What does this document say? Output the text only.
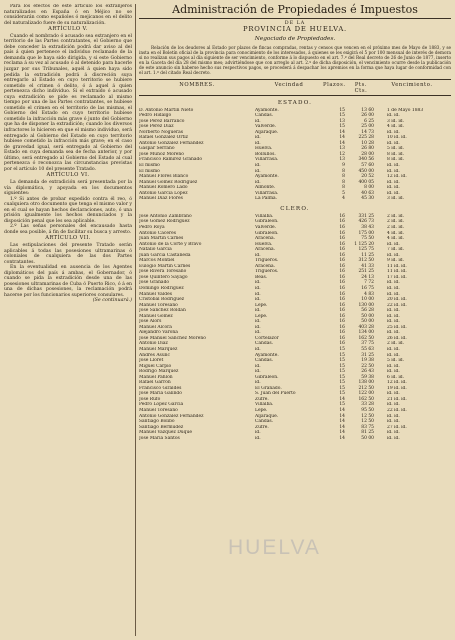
Para los efectos de este artículo los extranjeros naturalizados en España ó en Méjico no se considerarán como españoles ó mejicanos en el delito del naturalizado fuere de su naturalización.

ARTÍCULO V.

Cuando el nombrado ó acusado sea extranjero en el territorio de las Partes contratantes, el Gobierno que debe conceder la extradición podrá dar aviso al del país á quien pertenece el individuo reclamado de la demanda que le haya sido dirigida, y si este Gobierno reclama á su vez al acusado ó al detenido para hacerle juzgar por sus Tribunales, aquél á quien haya sido pedida la extradición podrá á discreción suya entregarlo al Estado en cuyo territorio se hubiere cometido el crimen ó delito, ó á aquel á quien pertenezca dicho individuo. Si el extraído ó acusado cuya extradición se pide es reclamado al mismo tiempo por una de las Partes contratantes, se hubiese cometido el crimen en el territorio de las mismas, el Gobierno del Estado en cuyo territorio hubiese cometido la infracción más grave ó junto del Gobierno que ha de disponer la extradición; cuando los diversos infractores lo hicieren en que el mismo individuo, será entregado al Gobierno del Estado en cuyo territorio hubiese cometido la infracción más grave; en el caso de gravedad igual, será entregado al Gobierno del Estado en cuya demanda sea de fecha anterior, y por último, será entregado al Gobierno del Estado al cual pertenezca ó reconozca las circunstancias previstas por el artículo 10 del presente Tratado.

ARTÍCULO VI.

La demanda de extradición será presentada por la vía diplomática, y apoyada en los documentos siguientes:

1.º Si antes de probar expedido contra él reo, ó cualquiera otro documento que tenga el mismo valor y en el cual se hayan hechos declaraciones, auto, ó una prisión igualmente los hechos denunciados y la disposición penal que les sea aplicable.

2.º Las señas personales del encausado hasta donde sea posible, á fin de facilitar su busca y arresto.

ARTÍCULO VII.

Las estipulaciones del presente Tratado serán aplicables á todas las posesiones ultramarinas ó coloniales de cualquiera de las dos Partes contratantes.

En la eventualidad en ausencia de los Agentes diplomáticos del país á ambas, el Gobernador, ó cuando se pida la extradición desde una de las posesiones ultramarinas de Cuba ó Puerto Rico, ó á en una de dichas posesiones, la reclamación podrá hacerse por los funcionarios superiores consulares.

(Se continuará.)

Administración de Propiedades é Impuestos
DE LA
PROVINCIA DE HUELVA.
Negociado de Propiedades.

Relación de los deudores al Estado por plazos de fincas compradas, rentas y censos que vencen en el próximo mes de Mayo de 1883, y se insta en el Boletín oficial de la provincia para conocimiento de los interesados, á quienes se les exigirá el 5 por 100 mensual de interés de demora si no realizan sus pagos al día siguiente de ser vencimiento, conforme á lo dispuesto en el art. 7.º del Real decreto de 26 de Junio de 1877, inserto en la Gaceta del día 28 del mismo mes; advirtiéndose que con arreglo al art. 2.º de dicha disposición, el vencimiento ocurre desde la publicación de este anuncio sin haberse hecho sus respectivos pagos, se procederá á despachar los apremios en la forma que haya lugar de conformidad con el art. 1.º del citado Real decreto.

NOMBRES.	Vecindad	Plazos.	Pts. Cts.
Vencimiento.
ESTADO.
D. Antonio Martín Nieto	Ayamonte.	15	13 60	1 de Mayo 1883
Pedro Hidalgo	Cañdas.	15	26 00	id. id.
José Pérez Barranco	id.	13	6 25	3 id. id.
José Pérez Díaz	Valverde.	15	25 00	4 id. id.
Norberto Nogueras	Aljaraque.	14	14 73	id. id.
Rafael González Ortiz	id.	14	225 28	10 id. id.
Antonio González Fernández	id.	14	10 28	id. id.
Gaspar Serrano	Huelva.	13	26 80	5 id. id.
José Muñoz Moreno	Bollullos.	12	28 00	8 id. id.
Francisco Ramírez Granado	Villarrasa.	13	340 56	8 id. id.
El mismo	id.	9	57 60	id. id.
El mismo	id.	8	450 00	id. id.
Manuel Flores Blanco	Ayamonte.	8	20 52	12 id. id.
Manuel Gómez Rodríguez	id.	8	400 05	id. id.
Manuel Romero Lado	Almonte.	8	8 00	id. id.
Antonio García López	Villarrasa.	5	40 63	id. id.
Manuel Díaz Flores	La Palma.	4	45 30	3 id. id.
CLERO.
José Antonio Zambrano	Villalba.	16	331 25	2 id. id.
José Gómez Rodríguez	Gibraleon.	16	426 73	2 id. id.
Pedro Roya	Valverde.	16	38 43	2 id. id.
Antonio Cáceres	Gibraleon.	16	175 00	4 id. id.
Juan Martín Carnes	Aracena.	16	75 50	4 id. id.
Antonio de la Corte y Bravo	Huelva.	16	1 125 20	id. id.
Natalio García	Aracena.	16	125 75	7 id. id.
Juan García Castañeda	id.	16	11 25	id. id.
Marcos Montiel	Trigueros.	16	312 50	9 id. id.
Eulogio Martín Carnes	Aracena.	16	41 33	11 id. id.
José Rivera Toresano	Trigueros.	16	251 25	11 id. id.
José Quintero Sayago	Beas.	16	24 13	17 id. id.
José Granado	id.	16	7 72	id. id.
Domingo Rodríguez	id.	16	16 75	id. id.
Manuel Valdés	id.	16	4 83	id. id.
Cristóbal Rodríguez	id.	16	10 00	20 id. id.
Manuel Toresano	Lepe.	16	130 00	22 id. id.
José Sánchez Roldán	id.	16	56 28	id. id.
Manuel Gómez	Lepe.	16	50 00	id. id.
José Alors	id.	16	50 00	id. id.
Manuel Alcora	id.	16	403 28	25 id. id.
Alejandro Varona	id.	16	134 00	id. id.
José Manuel Sánchez Moreno	Cortelazor	16	162 50	26 id. id.
Antonio Díaz	Cañdas.	16	37 75	2 id. id.
Manuel Marquez	id.	15	55 63	id. id.
Andrés Asunc	Ayamonte.	15	31 25	id. id.
José Lloret	Cañdas.	15	19 38	5 id. id.
Miguel Carpio	id.	15	22 50	id. id.
Rodrigo Marquez	id.	15	26 43	id. id.
Manuel Pahlon	Gibraleon.	15	59 38	6 id. id.
Rafael Garrón	id.	15	138 00	12 id. id.
Francisco Giraldes	El Granado.	15	212 50	19 id. id.
José María Galindo	S. Juan del Puerto	15	122 00	id. id.
José Rufo	Zufre.	14	162 50	21 id. id.
Pedro López García	Villalba.	15	33 28	id. id.
Manuel Toresano	Lepe.	14	95 50	22 id. id.
Antonio González Fernández	Aljaraque.	14	12 50	id. id.
Santiago Bolibó	Cañdas.	14	12 50	id. id.
Santiago Bermúdez	Zufre.	14	83 75	27 id. id.
Manuel Vázquez Duque	id.	14	81 25	id. id.
José María Santos	id.	14	50 00	id. id.
HUELVA
